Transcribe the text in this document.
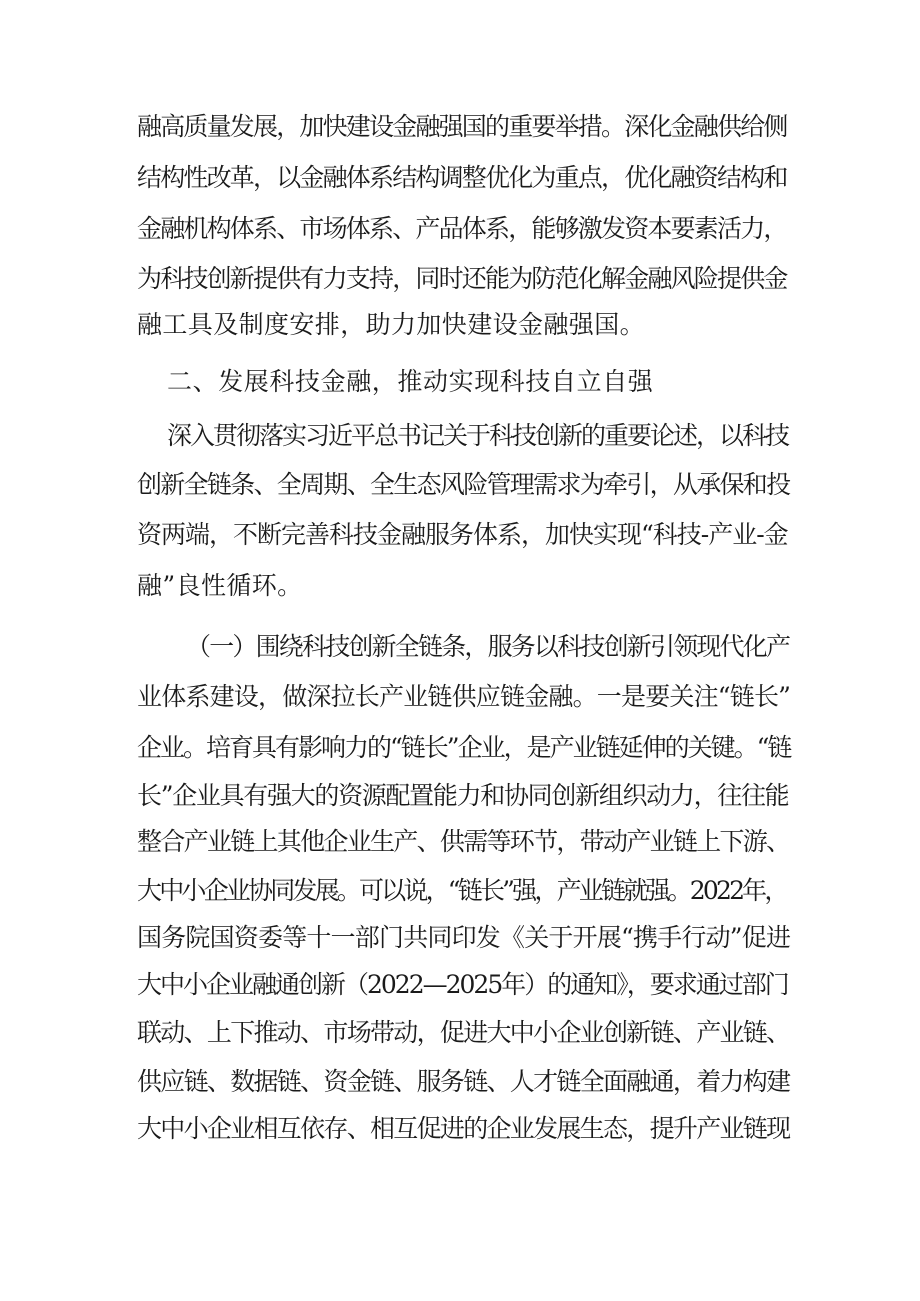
融高质量发展，加快建设金融强国的重要举措。深化金融供给侧
结构性改革，以金融体系结构调整优化为重点，优化融资结构和
金融机构体系、市场体系、产品体系，能够激发资本要素活力，
为科技创新提供有力支持，同时还能为防范化解金融风险提供金
融工具及制度安排，助力加快建设金融强国。
二、发展科技金融，推动实现科技自立自强
深入贯彻落实习近平总书记关于科技创新的重要论述，以科技
创新全链条、全周期、全生态风险管理需求为牵引，从承保和投
资两端，不断完善科技金融服务体系，加快实现“科技-产业-金
融”良性循环。
（一）围绕科技创新全链条，服务以科技创新引领现代化产
业体系建设，做深拉长产业链供应链金融。一是要关注“链长”
企业。培育具有影响力的“链长”企业，是产业链延伸的关键。“链
长”企业具有强大的资源配置能力和协同创新组织动力，往往能
整合产业链上其他企业生产、供需等环节，带动产业链上下游、
大中小企业协同发展。可以说，“链长”强，产业链就强。2022年，
国务院国资委等十一部门共同印发《关于开展“携手行动”促进
大中小企业融通创新（2022—2025年）的通知》，要求通过部门
联动、上下推动、市场带动，促进大中小企业创新链、产业链、
供应链、数据链、资金链、服务链、人才链全面融通，着力构建
大中小企业相互依存、相互促进的企业发展生态，提升产业链现
